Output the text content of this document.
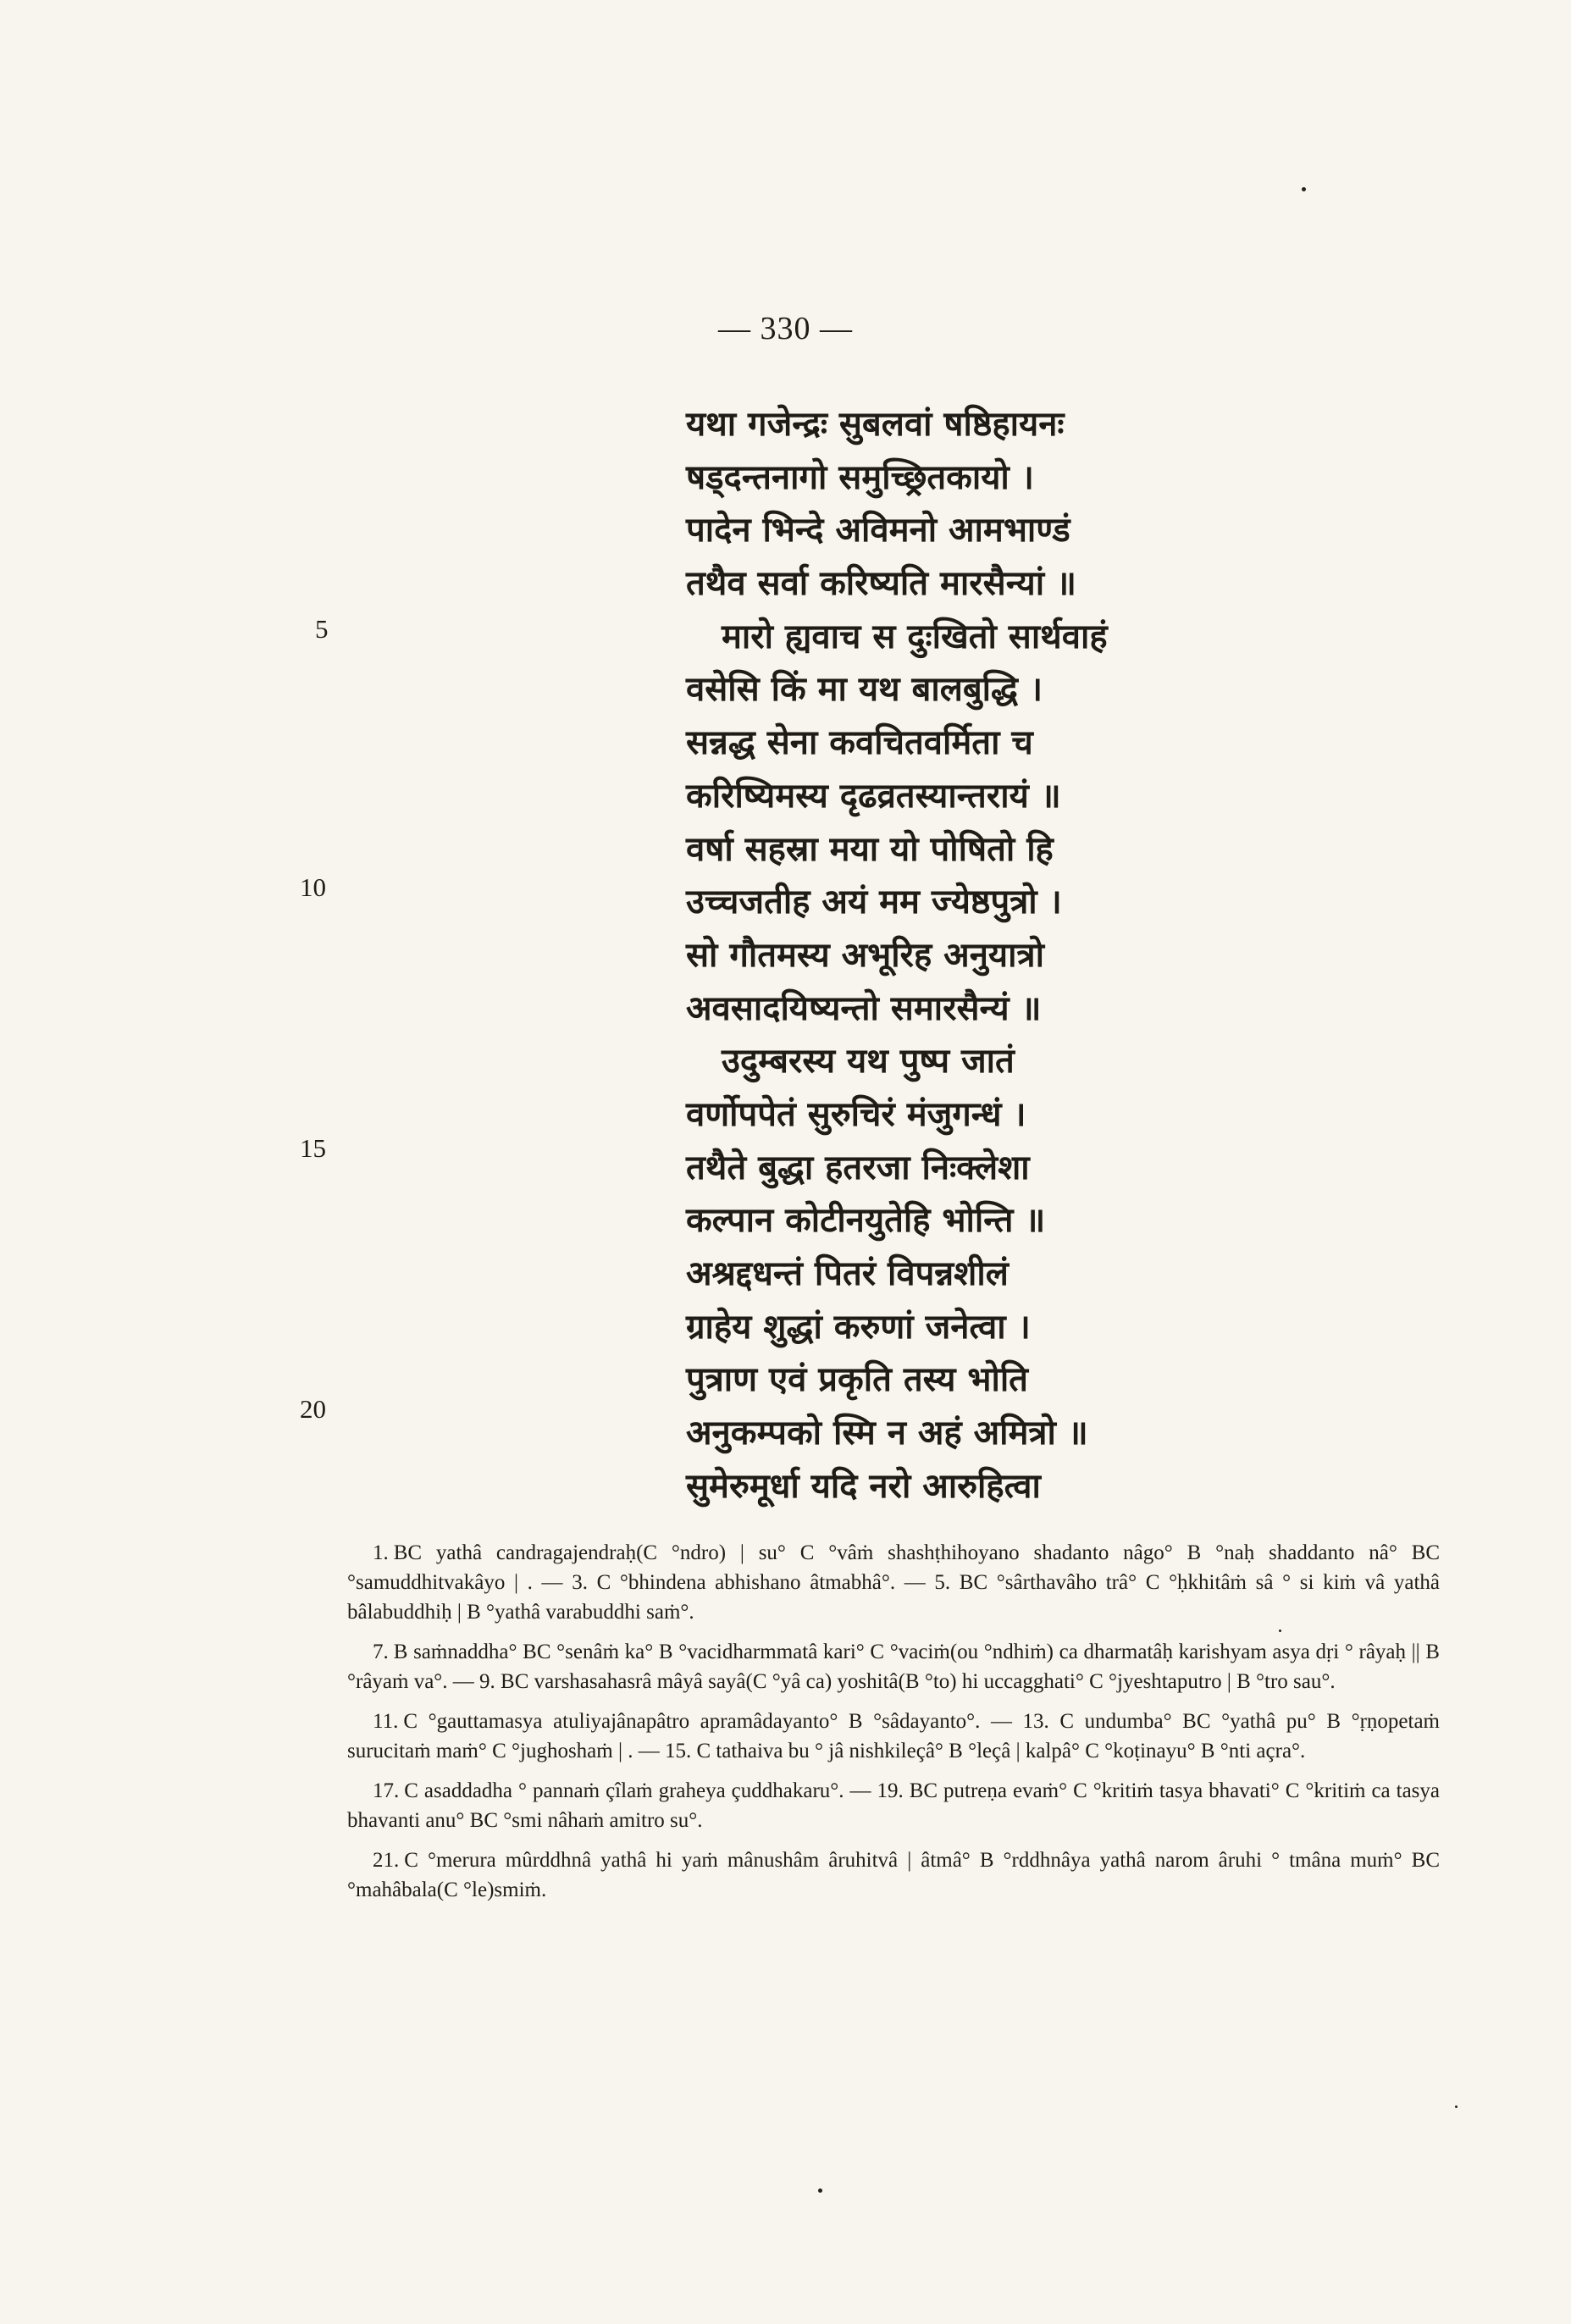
— 330 —
यथा गजेन्द्रः सुबलवां षष्ठिहायनः
षड्दन्तनागो समुच्छ्रितकायो ।
पादेन भिन्दे अविमनो आमभाण्डं
तथैव सर्वा करिष्यति मारसैन्यां ॥
मारो ह्यवाच स दुःखितो सार्थवाहं
वसेसि किं मा यथ बालबुद्धि ।
सन्नद्ध सेना कवचितवर्मिता च
करिष्यिमस्य दृढव्रतस्यान्तरायं ॥
वर्षा सहस्रा मया यो पोषितो हि
उच्चजतीह अयं मम ज्येष्ठपुत्रो ।
सो गौतमस्य अभूरिह अनुयात्रो
अवसादयिष्यन्तो समारसैन्यं ॥
उदुम्बरस्य यथ पुष्प जातं
वर्णोपपेतं सुरुचिरं मंजुगन्धं ।
तथैते बुद्धा हतरजा निःक्लेशा
कल्पान कोटीनयुतेहि भोन्ति ॥
अश्रद्दधन्तं पितरं विपन्नशीलं
ग्राहेय शुद्धां करुणां जनेत्वा ।
पुत्राण एवं प्रकृति तस्य भोति
अनुकम्पको स्मि न अहं अमित्रो ॥
सुमेरुमूर्धा यदि नरो आरुहित्वा
5
10
15
20
1. BC yathâ candragajendraḥ(C °ndro) | su° C °vâṁ shashṭhihoyano shadanto nâgo° B °naḥ shaddanto nâ° BC °samuddhitvakâyo | . — 3. C °bhindena abhishano âtmabhâ°. — 5. BC °sârthavâho trâ° C °ḥkhitâṁ sâ ° si kiṁ vâ yathâ bâlabuddhiḥ | B °yathâ varabuddhi saṁ°.
7. B saṁnaddha° BC °senâṁ ka° B °vacidharmmatâ kari° C °vaciṁ(ou °ndhiṁ) ca dharmatâḥ karishyam asya dṛi ° râyaḥ || B °râyaṁ va°. — 9. BC varshasahasrâ mâyâ sayâ(C °yâ ca) yoshitâ(B °to) hi uccagghati° C °jyeshtaputro | B °tro sau°.
11. C °gauttamasya atuliyajânapâtro apramâdayanto° B °sâdayanto°. — 13. C undumba° BC °yathâ pu° B °ṛṇopetaṁ surucitaṁ maṁ° C °jughoshaṁ | . — 15. C tathaiva bu ° jâ nishkileçâ° B °leçâ | kalpâ° C °koṭinayu° B °nti açra°.
17. C asaddadha ° pannaṁ çîlaṁ graheya çuddhakaru°. — 19. BC putreṇa evaṁ° C °kritiṁ tasya bhavati° C °kritiṁ ca tasya bhavanti anu° BC °smi nâhaṁ amitro su°.
21. C °merura mûrddhnâ yathâ hi yaṁ mânushâm âruhitvâ | âtmâ° B °rddhnâya yathâ narom âruhi ° tmâna muṁ° BC °mahâbala(C °le)smiṁ.
